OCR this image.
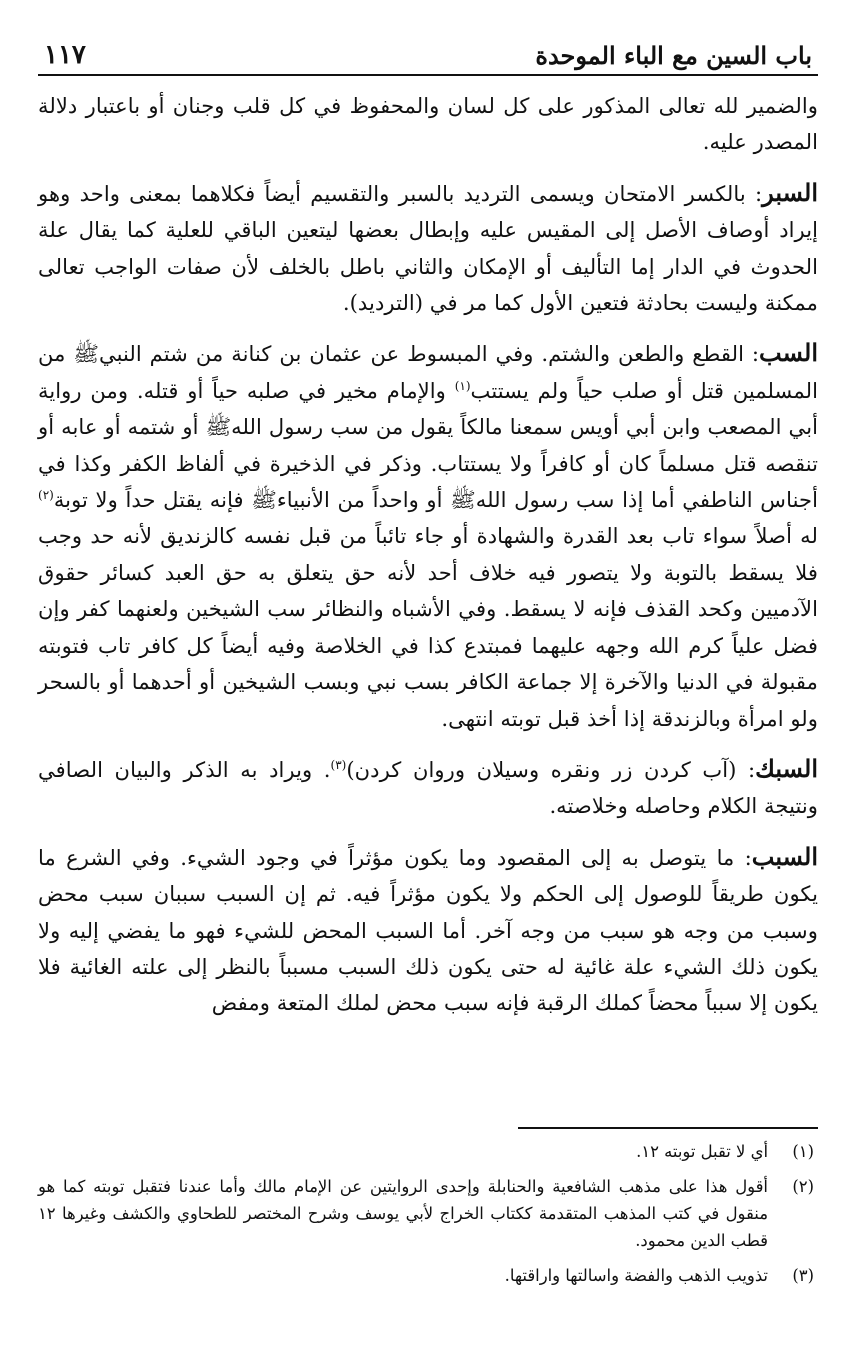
باب السين مع الباء الموحدة
١١٧

والضمير لله تعالى المذكور على كل لسان والمحفوظ في كل قلب وجنان أو باعتبار دلالة المصدر عليه.

السبر: بالكسر الامتحان ويسمى الترديد بالسبر والتقسيم أيضاً فكلاهما بمعنى واحد وهو إيراد أوصاف الأصل إلى المقيس عليه وإبطال بعضها ليتعين الباقي للعلية كما يقال علة الحدوث في الدار إما التأليف أو الإمكان والثاني باطل بالخلف لأن صفات الواجب تعالى ممكنة وليست بحادثة فتعين الأول كما مر في (الترديد).

السب: القطع والطعن والشتم. وفي المبسوط عن عثمان بن كنانة من شتم النبيﷺ من المسلمين قتل أو صلب حياً ولم يستتب$^{(١)}$ والإمام مخير في صلبه حياً أو قتله. ومن رواية أبي المصعب وابن أبي أويس سمعنا مالكاً يقول من سب رسول اللهﷺ أو شتمه أو عابه أو تنقصه قتل مسلماً كان أو كافراً ولا يستتاب. وذكر في الذخيرة في ألفاظ الكفر وكذا في أجناس الناطفي أما إذا سب رسول اللهﷺ أو واحداً من الأنبياءﷺ فإنه يقتل حداً ولا توبة$^{(٢)}$ له أصلاً سواء تاب بعد القدرة والشهادة أو جاء تائباً من قبل نفسه كالزنديق لأنه حد وجب فلا يسقط بالتوبة ولا يتصور فيه خلاف أحد لأنه حق يتعلق به حق العبد كسائر حقوق الآدميين وكحد القذف فإنه لا يسقط. وفي الأشباه والنظائر سب الشيخين ولعنهما كفر وإن فضل علياً كرم الله وجهه عليهما فمبتدع كذا في الخلاصة وفيه أيضاً كل كافر تاب فتوبته مقبولة في الدنيا والآخرة إلا جماعة الكافر بسب نبي وبسب الشيخين أو أحدهما أو بالسحر ولو امرأة وبالزندقة إذا أخذ قبل توبته انتهى.

السبك: (آب كردن زر ونقره وسيلان وروان كردن)$^{(٣)}$. ويراد به الذكر والبيان الصافي ونتيجة الكلام وحاصله وخلاصته.

السبب: ما يتوصل به إلى المقصود وما يكون مؤثراً في وجود الشيء. وفي الشرع ما يكون طريقاً للوصول إلى الحكم ولا يكون مؤثراً فيه. ثم إن السبب سببان سبب محض وسبب من وجه هو سبب من وجه آخر. أما السبب المحض للشيء فهو ما يفضي إليه ولا يكون ذلك الشيء علة غائية له حتى يكون ذلك السبب مسبباً بالنظر إلى علته الغائية فلا يكون إلا سبباً محضاً كملك الرقبة فإنه سبب محض لملك المتعة ومفض

(١)
أي لا تقبل توبته ١٢.
(٢)
أقول هذا على مذهب الشافعية والحنابلة وإحدى الروايتين عن الإمام مالك وأما عندنا فتقبل توبته كما هو منقول في كتب المذهب المتقدمة ككتاب الخراج لأبي يوسف وشرح المختصر للطحاوي والكشف وغيرها ١٢ قطب الدين محمود.
(٣)
تذويب الذهب والفضة واسالتها واراقتها.
